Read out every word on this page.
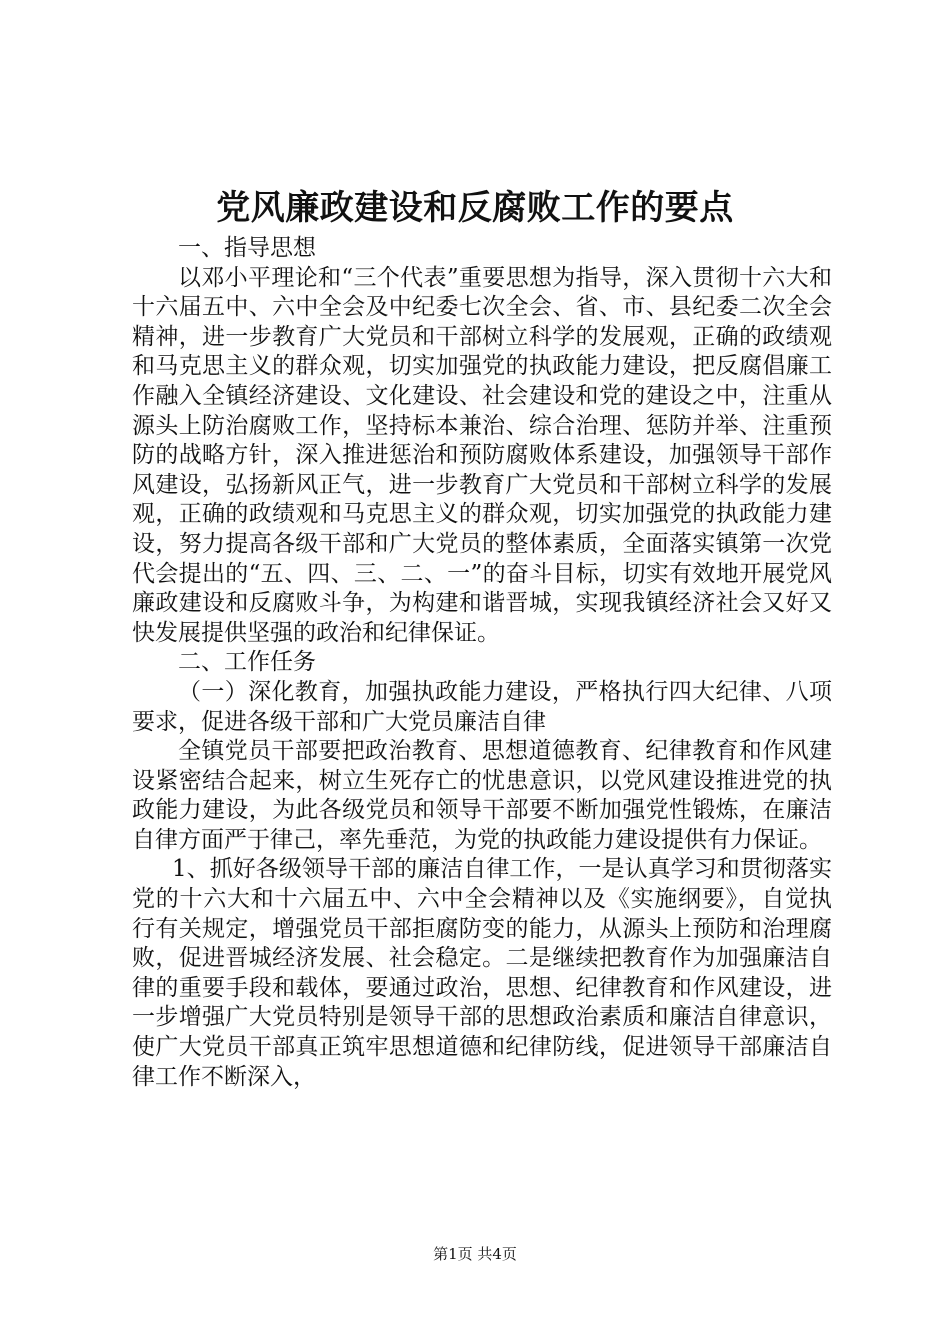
党风廉政建设和反腐败工作的要点

一、指导思想

以邓小平理论和“三个代表”重要思想为指导，深入贯彻十六大和十六届五中、六中全会及中纪委七次全会、省、市、县纪委二次全会精神，进一步教育广大党员和干部树立科学的发展观，正确的政绩观和马克思主义的群众观，切实加强党的执政能力建设，把反腐倡廉工作融入全镇经济建设、文化建设、社会建设和党的建设之中，注重从源头上防治腐败工作，坚持标本兼治、综合治理、惩防并举、注重预防的战略方针，深入推进惩治和预防腐败体系建设，加强领导干部作风建设，弘扬新风正气，进一步教育广大党员和干部树立科学的发展观，正确的政绩观和马克思主义的群众观，切实加强党的执政能力建设，努力提高各级干部和广大党员的整体素质，全面落实镇第一次党代会提出的“五、四、三、二、一”的奋斗目标，切实有效地开展党风廉政建设和反腐败斗争，为构建和谐晋城，实现我镇经济社会又好又快发展提供坚强的政治和纪律保证。

二、工作任务

（一）深化教育，加强执政能力建设，严格执行四大纪律、八项要求，促进各级干部和广大党员廉洁自律

全镇党员干部要把政治教育、思想道德教育、纪律教育和作风建设紧密结合起来，树立生死存亡的忧患意识，以党风建设推进党的执政能力建设，为此各级党员和领导干部要不断加强党性锻炼，在廉洁自律方面严于律己，率先垂范，为党的执政能力建设提供有力保证。

1、抓好各级领导干部的廉洁自律工作，一是认真学习和贯彻落实党的十六大和十六届五中、六中全会精神以及《实施纲要》，自觉执行有关规定，增强党员干部拒腐防变的能力，从源头上预防和治理腐败，促进晋城经济发展、社会稳定。二是继续把教育作为加强廉洁自律的重要手段和载体，要通过政治，思想、纪律教育和作风建设，进一步增强广大党员特别是领导干部的思想政治素质和廉洁自律意识，使广大党员干部真正筑牢思想道德和纪律防线，促进领导干部廉洁自律工作不断深入，

第1页 共4页
